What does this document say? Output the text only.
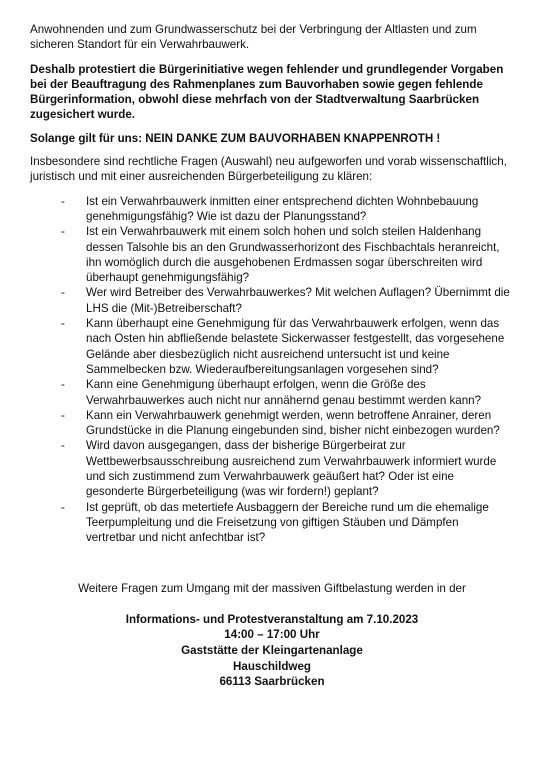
Anwohnenden und zum Grundwasserschutz bei der Verbringung der Altlasten und zum sicheren Standort für ein Verwahrbauwerk.

Deshalb protestiert die Bürgerinitiative wegen fehlender und grundlegender Vorgaben bei der Beauftragung des Rahmenplanes zum Bauvorhaben sowie gegen fehlende Bürgerinformation, obwohl diese mehrfach von der Stadtverwaltung Saarbrücken zugesichert wurde.

Solange gilt für uns: NEIN DANKE ZUM BAUVORHABEN KNAPPENROTH !

Insbesondere sind rechtliche Fragen (Auswahl) neu aufgeworfen und vorab wissenschaftlich, juristisch und mit einer ausreichenden Bürgerbeteiligung zu klären:

- Ist ein Verwahrbauwerk inmitten einer entsprechend dichten Wohnbebauung genehmigungsfähig? Wie ist dazu der Planungsstand?
- Ist ein Verwahrbauwerk mit einem solch hohen und solch steilen Haldenhang dessen Talsohle bis an den Grundwasserhorizont des Fischbachtals heranreicht, ihn womöglich durch die ausgehobenen Erdmassen sogar überschreiten wird überhaupt genehmigungsfähig?
- Wer wird Betreiber des Verwahrbauwerkes? Mit welchen Auflagen? Übernimmt die LHS die (Mit-)Betreiberschaft?
- Kann überhaupt eine Genehmigung für das Verwahrbauwerk erfolgen, wenn das nach Osten hin abfließende belastete Sickerwasser festgestellt, das vorgesehene Gelände aber diesbezüglich nicht ausreichend untersucht ist und keine Sammelbecken bzw. Wiederaufbereitungsanlagen vorgesehen sind?
- Kann eine Genehmigung überhaupt erfolgen, wenn die Größe des Verwahrbauwerkes auch nicht nur annähernd genau bestimmt werden kann?
- Kann ein Verwahrbauwerk genehmigt werden, wenn betroffene Anrainer, deren Grundstücke in die Planung eingebunden sind, bisher nicht einbezogen wurden?
- Wird davon ausgegangen, dass der bisherige Bürgerbeirat zur Wettbewerbsausschreibung ausreichend zum Verwahrbauwerk informiert wurde und sich zustimmend zum Verwahrbauwerk geäußert hat? Oder ist eine gesonderte Bürgerbeteiligung (was wir fordern!) geplant?
- Ist geprüft, ob das metertiefe Ausbaggern der Bereiche rund um die ehemalige Teerpumpleitung und die Freisetzung von giftigen Stäuben und Dämpfen vertretbar und nicht anfechtbar ist?

Weitere Fragen zum Umgang mit der massiven Giftbelastung werden in der

Informations- und Protestveranstaltung am 7.10.2023
14:00 – 17:00 Uhr
Gaststätte der Kleingartenanlage
Hauschildweg
66113 Saarbrücken
